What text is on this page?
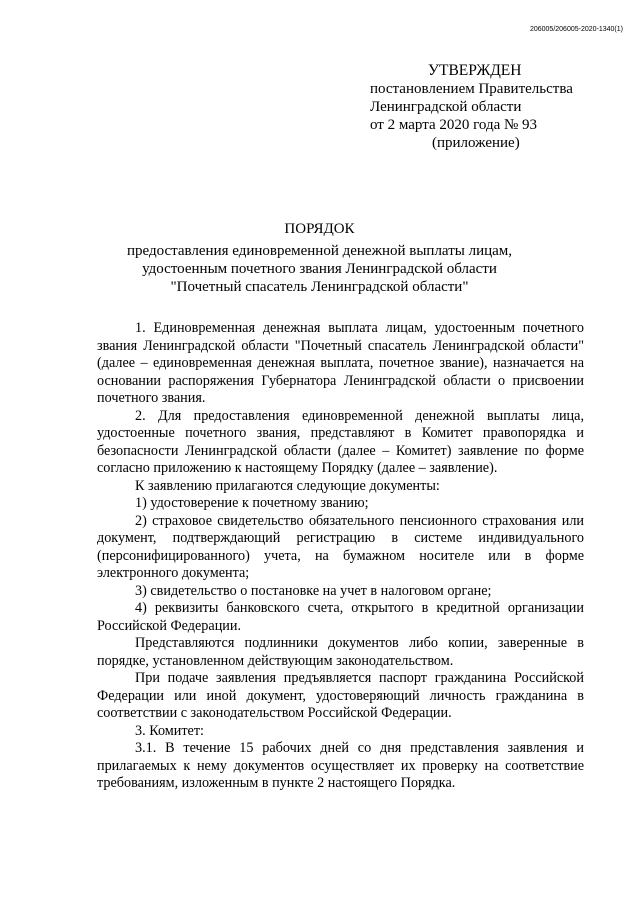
206005/206005-2020-1340(1)
УТВЕРЖДЕН
постановлением Правительства
Ленинградской области
от 2 марта 2020 года № 93
(приложение)
ПОРЯДОК
предоставления единовременной денежной выплаты лицам,
удостоенным почетного звания Ленинградской области
"Почетный спасатель Ленинградской области"

1. Единовременная денежная выплата лицам, удостоенным почетного звания Ленинградской области "Почетный спасатель Ленинградской области" (далее – единовременная денежная выплата, почетное звание), назначается на основании распоряжения Губернатора Ленинградской области о присвоении почетного звания.

2. Для предоставления единовременной денежной выплаты лица, удостоенные почетного звания, представляют в Комитет правопорядка и безопасности Ленинградской области (далее – Комитет) заявление по форме согласно приложению к настоящему Порядку (далее – заявление).

К заявлению прилагаются следующие документы:

1) удостоверение к почетному званию;

2) страховое свидетельство обязательного пенсионного страхования или документ, подтверждающий регистрацию в системе индивидуального (персонифицированного) учета, на бумажном носителе или в форме электронного документа;

3) свидетельство о постановке на учет в налоговом органе;

4) реквизиты банковского счета, открытого в кредитной организации Российской Федерации.

Представляются подлинники документов либо копии, заверенные в порядке, установленном действующим законодательством.

При подаче заявления предъявляется паспорт гражданина Российской Федерации или иной документ, удостоверяющий личность гражданина в соответствии с законодательством Российской Федерации.

3. Комитет:

3.1. В течение 15 рабочих дней со дня представления заявления и прилагаемых к нему документов осуществляет их проверку на соответствие требованиям, изложенным в пункте 2 настоящего Порядка.
